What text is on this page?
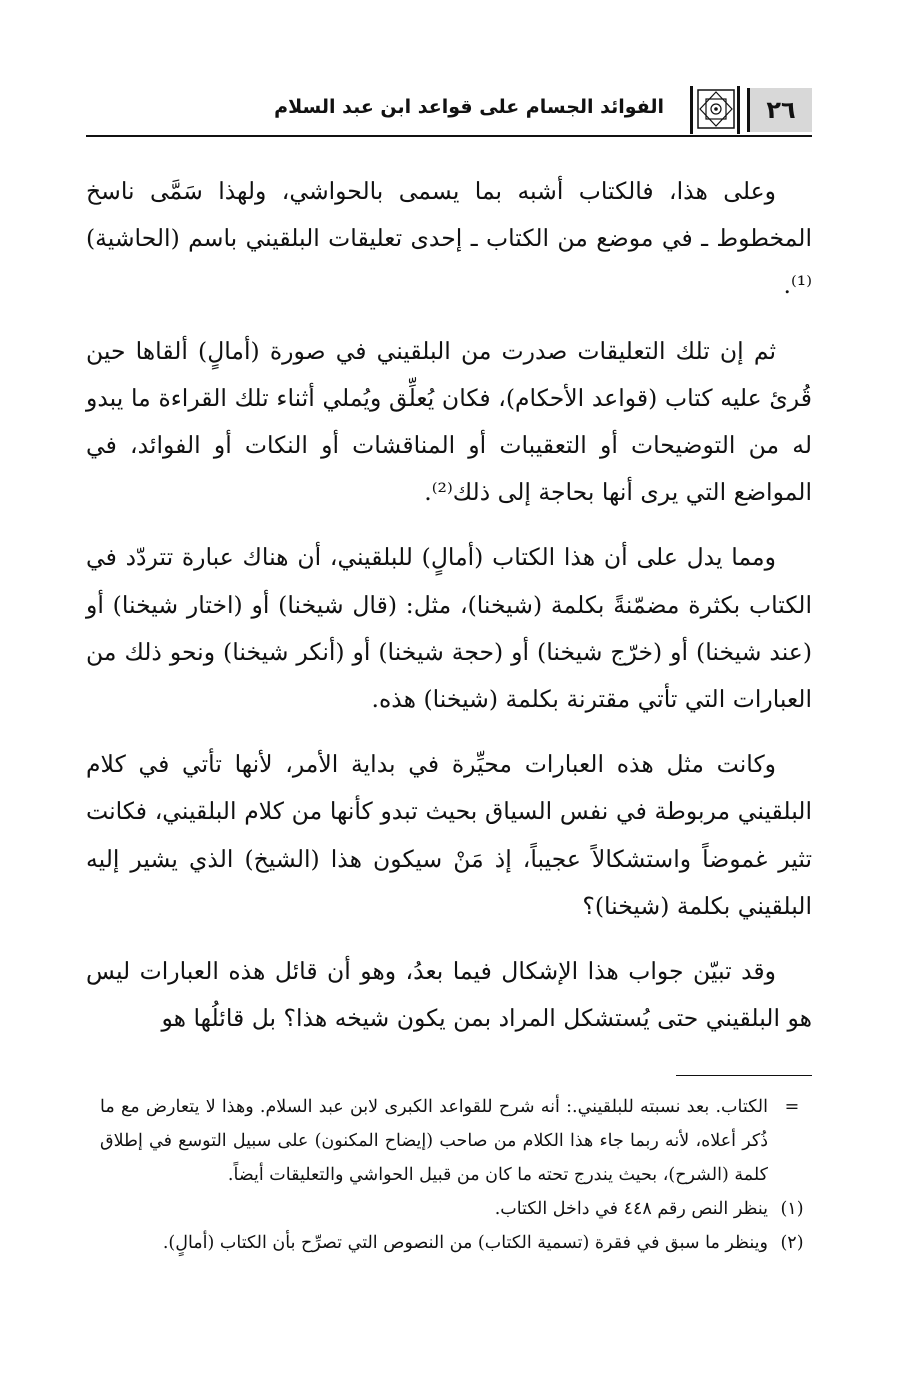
٢٦
الفوائد الجسام على قواعد ابن عبد السلام

وعلى هذا، فالكتاب أشبه بما يسمى بالحواشي، ولهذا سَمَّى ناسخ المخطوط ـ في موضع من الكتاب ـ إحدى تعليقات البلقيني باسم (الحاشية)⁽¹⁾.

ثم إن تلك التعليقات صدرت من البلقيني في صورة (أمالٍ) ألقاها حين قُرئ عليه كتاب (قواعد الأحكام)، فكان يُعلِّق ويُملي أثناء تلك القراءة ما يبدو له من التوضيحات أو التعقيبات أو المناقشات أو النكات أو الفوائد، في المواضع التي يرى أنها بحاجة إلى ذلك⁽²⁾.

ومما يدل على أن هذا الكتاب (أمالٍ) للبلقيني، أن هناك عبارة تتردّد في الكتاب بكثرة مضمّنةً بكلمة (شيخنا)، مثل: (قال شيخنا) أو (اختار شيخنا) أو (عند شيخنا) أو (خرّج شيخنا) أو (حجة شيخنا) أو (أنكر شيخنا) ونحو ذلك من العبارات التي تأتي مقترنة بكلمة (شيخنا) هذه.

وكانت مثل هذه العبارات محيِّرة في بداية الأمر، لأنها تأتي في كلام البلقيني مربوطة في نفس السياق بحيث تبدو كأنها من كلام البلقيني، فكانت تثير غموضاً واستشكالاً عجيباً، إذ مَنْ سيكون هذا (الشيخ) الذي يشير إليه البلقيني بكلمة (شيخنا)؟

وقد تبيّن جواب هذا الإشكال فيما بعدُ، وهو أن قائل هذه العبارات ليس هو البلقيني حتى يُستشكل المراد بمن يكون شيخه هذا؟ بل قائلُها هو

=
الكتاب. بعد نسبته للبلقيني.: أنه شرح للقواعد الكبرى لابن عبد السلام. وهذا لا يتعارض مع ما ذُكر أعلاه، لأنه ربما جاء هذا الكلام من صاحب (إيضاح المكنون) على سبيل التوسع في إطلاق كلمة (الشرح)، بحيث يندرج تحته ما كان من قبيل الحواشي والتعليقات أيضاً.
(١)
ينظر النص رقم ٤٤٨ في داخل الكتاب.
(٢)
وينظر ما سبق في فقرة (تسمية الكتاب) من النصوص التي تصرِّح بأن الكتاب (أمالٍ).
